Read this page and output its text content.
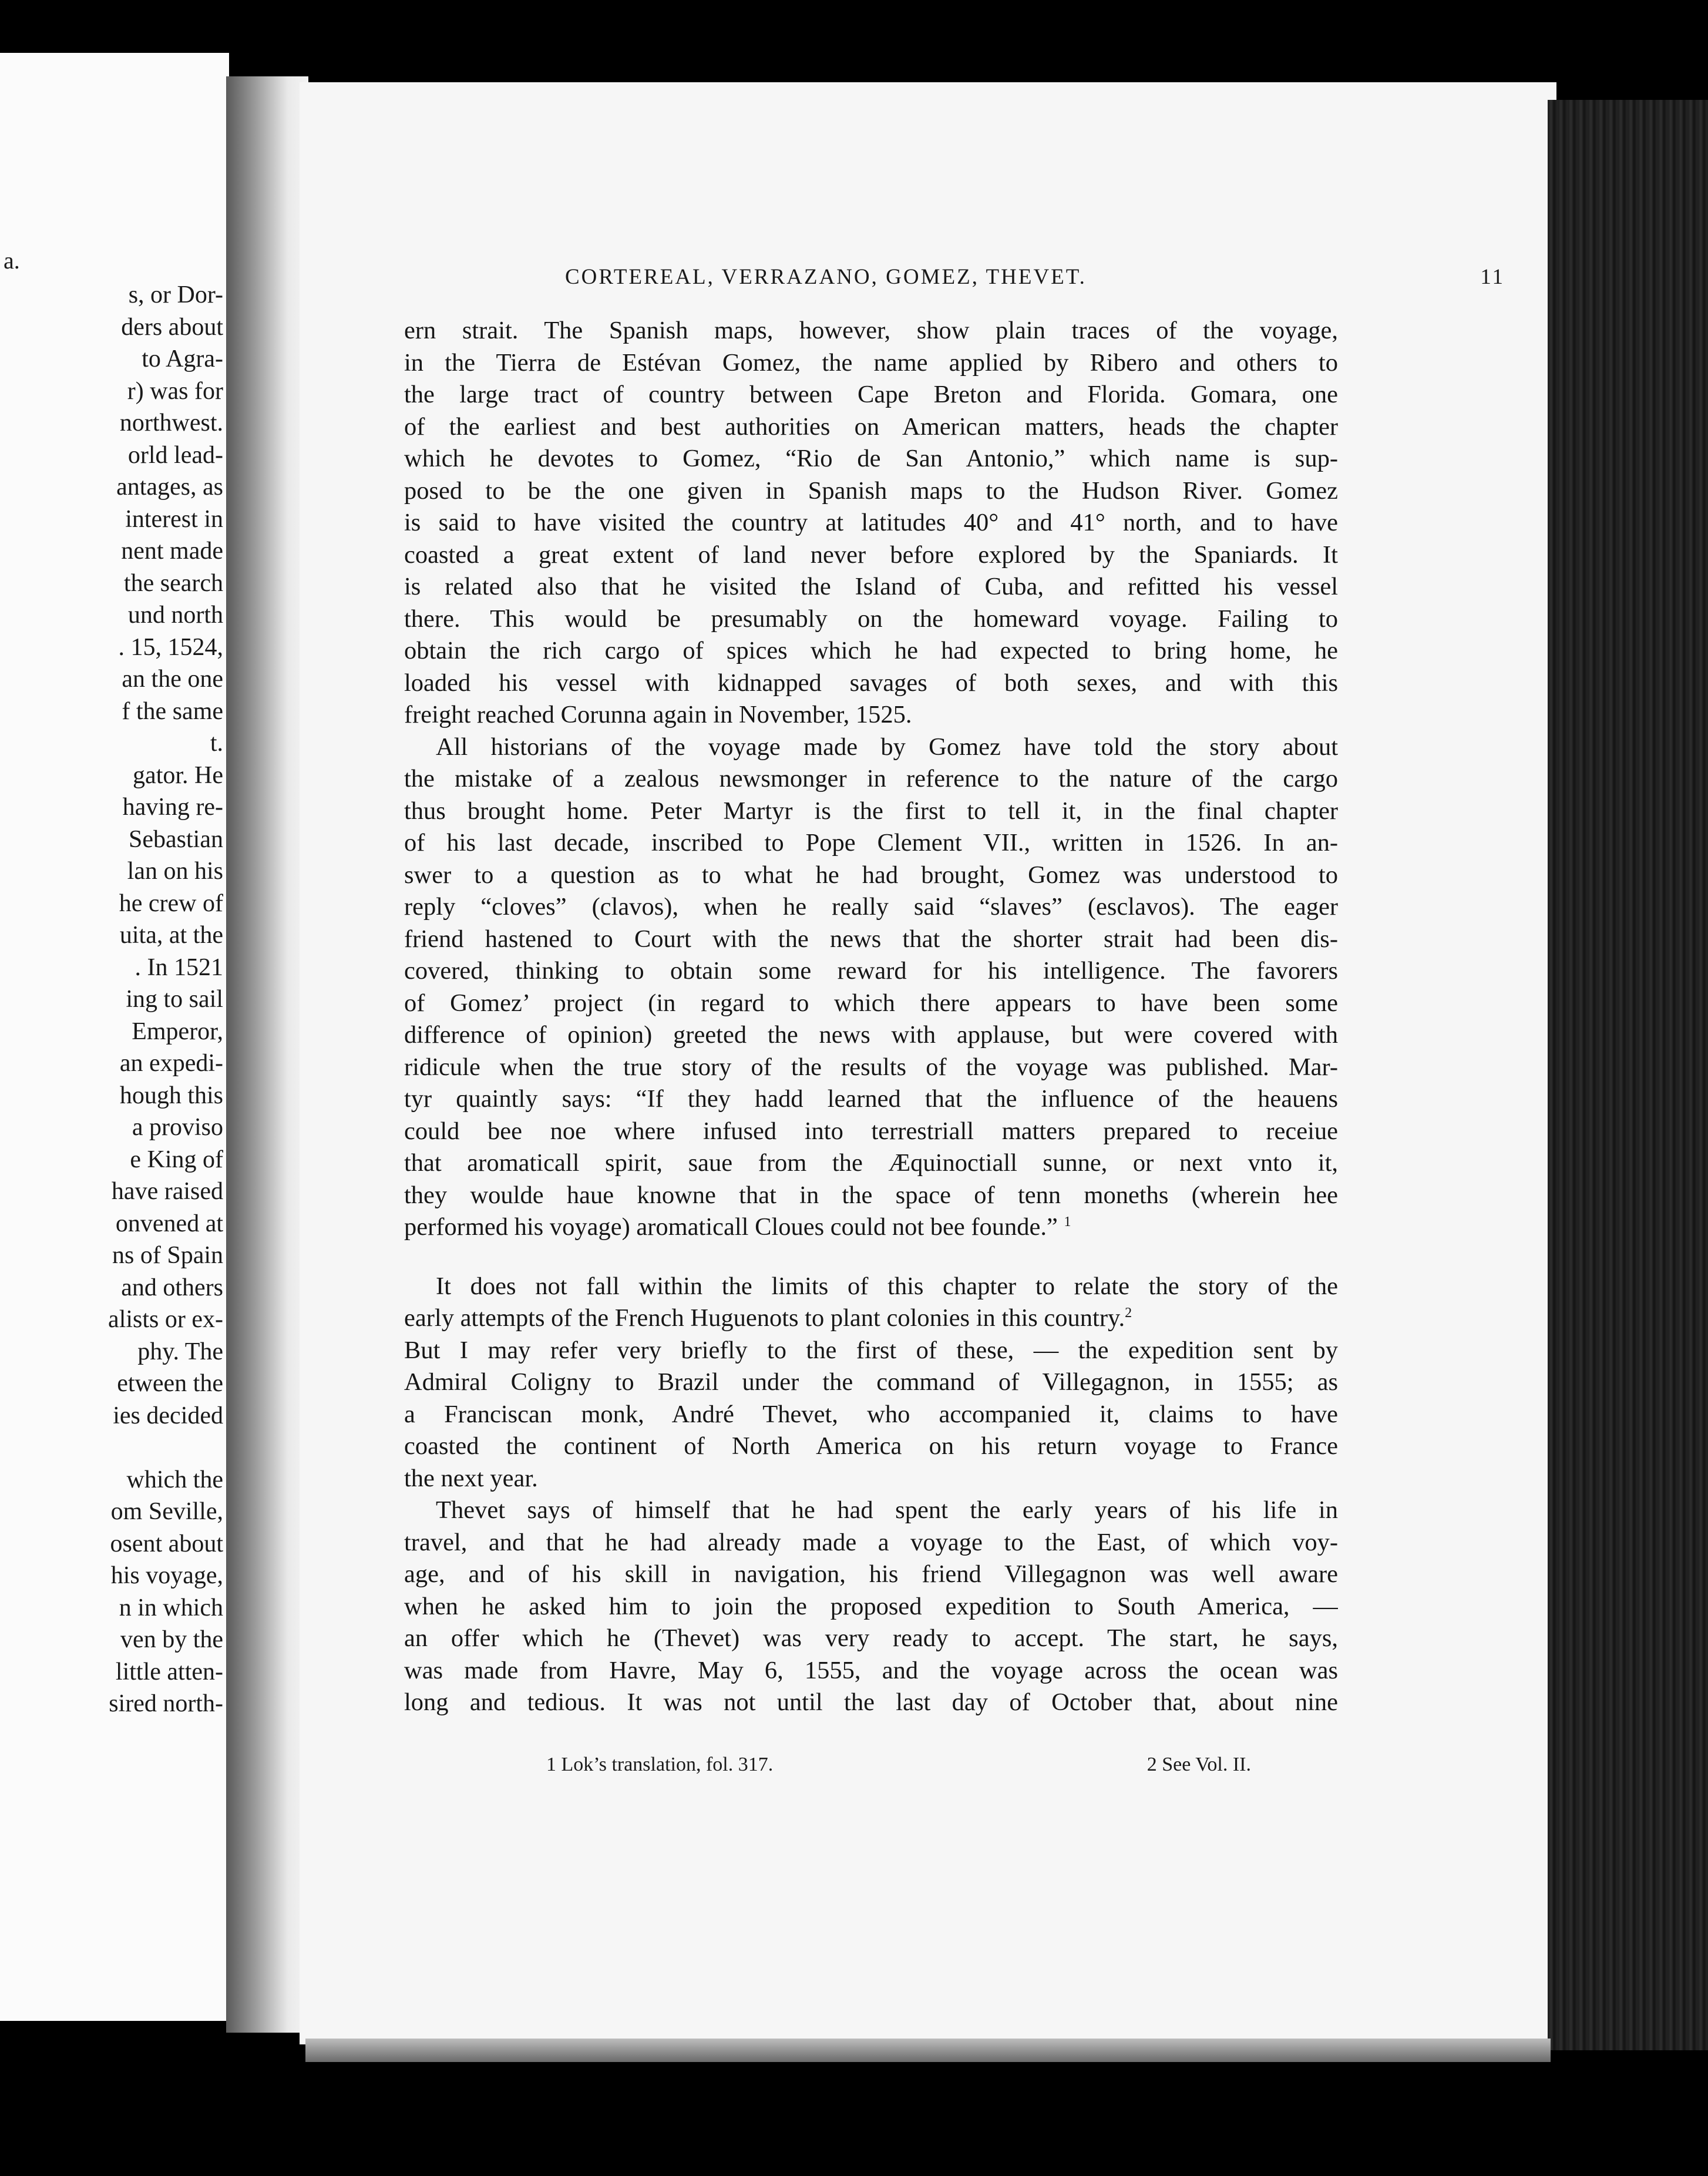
a.
s, or Dor-
ders about
to Agra-
r) was for
northwest.
orld lead-
antages, as
interest in
nent made
the search
und north
. 15, 1524,
an the one
f the same
t.
gator. He
having re-
Sebastian
lan on his
he crew of
uita, at the
. In 1521
ing to sail
Emperor,
an expedi-
hough this
a proviso
e King of
have raised
onvened at
ns of Spain
and others
alists or ex-
phy. The
etween the
ies decided
which the
om Seville,
osent about
his voyage,
n in which
ven by the
little atten-
sired north-
CORTEREAL, VERRAZANO, GOMEZ, THEVET.	11
ern strait. The Spanish maps, however, show plain traces of the voyage,
in the Tierra de Estévan Gomez, the name applied by Ribero and others to
the large tract of country between Cape Breton and Florida. Gomara, one
of the earliest and best authorities on American matters, heads the chapter
which he devotes to Gomez, “Rio de San Antonio,” which name is sup-
posed to be the one given in Spanish maps to the Hudson River. Gomez
is said to have visited the country at latitudes 40° and 41° north, and to have
coasted a great extent of land never before explored by the Spaniards. It
is related also that he visited the Island of Cuba, and refitted his vessel
there. This would be presumably on the homeward voyage. Failing to
obtain the rich cargo of spices which he had expected to bring home, he
loaded his vessel with kidnapped savages of both sexes, and with this
freight reached Corunna again in November, 1525.
All historians of the voyage made by Gomez have told the story about
the mistake of a zealous newsmonger in reference to the nature of the cargo
thus brought home. Peter Martyr is the first to tell it, in the final chapter
of his last decade, inscribed to Pope Clement VII., written in 1526. In an-
swer to a question as to what he had brought, Gomez was understood to
reply “cloves” (clavos), when he really said “slaves” (esclavos). The eager
friend hastened to Court with the news that the shorter strait had been dis-
covered, thinking to obtain some reward for his intelligence. The favorers
of Gomez’ project (in regard to which there appears to have been some
difference of opinion) greeted the news with applause, but were covered with
ridicule when the true story of the results of the voyage was published. Mar-
tyr quaintly says: “If they hadd learned that the influence of the heauens
could bee noe where infused into terrestriall matters prepared to receiue
that aromaticall spirit, saue from the Æquinoctiall sunne, or next vnto it,
they woulde haue knowne that in the space of tenn moneths (wherein hee
performed his voyage) aromaticall Cloues could not bee founde.” $^1$
It does not fall within the limits of this chapter to relate the story of the
early attempts of the French Huguenots to plant colonies in this country.$^2$
But I may refer very briefly to the first of these, — the expedition sent by
Admiral Coligny to Brazil under the command of Villegagnon, in 1555; as
a Franciscan monk, André Thevet, who accompanied it, claims to have
coasted the continent of North America on his return voyage to France
the next year.
Thevet says of himself that he had spent the early years of his life in
travel, and that he had already made a voyage to the East, of which voy-
age, and of his skill in navigation, his friend Villegagnon was well aware
when he asked him to join the proposed expedition to South America, —
an offer which he (Thevet) was very ready to accept. The start, he says,
was made from Havre, May 6, 1555, and the voyage across the ocean was
long and tedious. It was not until the last day of October that, about nine
1 Lok’s translation, fol. 317.	2 See Vol. II.
